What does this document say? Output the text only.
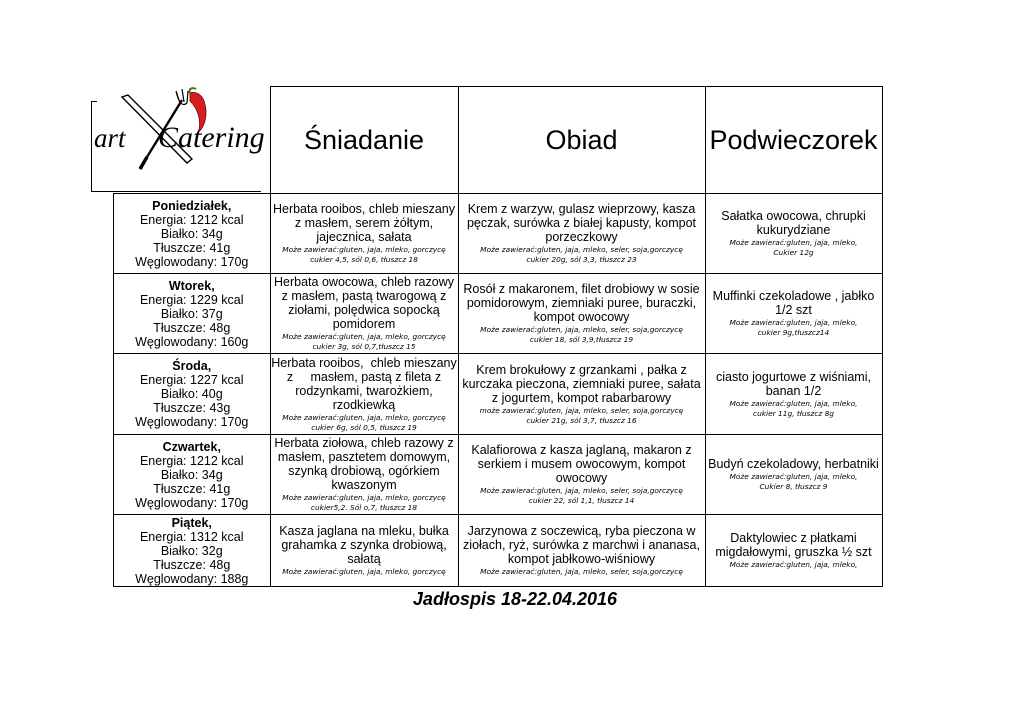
art Catering
	Śniadanie	Obiad	Podwieczorek

Poniedziałek,
Energia: 1212 kcal
Białko: 34g
Tłuszcze: 41g
Węglowodany: 170g	Herbata rooibos, chleb mieszany z masłem, serem żółtym, jajecznica, sałata
Może zawierać:gluten, jaja, mleko, gorczycę
cukier 4,5, sól 0,6, tłuszcz 18	Krem z warzyw, gulasz wieprzowy, kasza pęczak, surówka z białej kapusty, kompot porzeczkowy
Może zawierać:gluten, jaja, mleko, seler, soja,gorczycę
cukier 20g, sól 3,3, tłuszcz 23	Sałatka owocowa, chrupki kukurydziane
Może zawierać:gluten, jaja, mleko,
Cukier 12g

Wtorek,
Energia: 1229 kcal
Białko: 37g
Tłuszcze: 48g
Węglowodany: 160g	Herbata owocowa, chleb razowy z masłem, pastą twarogową z ziołami, polędwica sopocką pomidorem
Może zawierać:gluten, jaja, mleko, gorczycę
cukier 3g, sól 0,7,tłuszcz 15	Rosół z makaronem, filet drobiowy w sosie pomidorowym, ziemniaki puree, buraczki, kompot owocowy
Może zawierać:gluten, jaja, mleko, seler, soja,gorczycę
cukier 18, sól 3,9,tłuszcz 19	Muffinki czekoladowe , jabłko 1/2 szt
Może zawierać:gluten, jaja, mleko,
cukier 9g,tłuszcz14

Środa,
Energia: 1227 kcal
Białko: 40g
Tłuszcze: 43g
Węglowodany: 170g	Herbata rooibos,  chleb mieszany z     masłem, pastą z fileta z rodzynkami, twarożkiem, rzodkiewką
Może zawierać:gluten, jaja, mleko, gorczycę
cukier 6g, sól 0,5, tłuszcz 19	Krem brokułowy z grzankami , pałka z kurczaka pieczona, ziemniaki puree, sałata z jogurtem, kompot rabarbarowy
może zawierać:gluten, jaja, mleko, seler, soja,gorczycę
cukier 21g, sól 3,7, tłuszcz 16	ciasto jogurtowe z wiśniami, banan 1/2
Może zawierać:gluten, jaja, mleko,
cukier 11g, tłuszcz 8g

Czwartek,
Energia: 1212 kcal
Białko: 34g
Tłuszcze: 41g
Węglowodany: 170g	Herbata ziołowa, chleb razowy z masłem, pasztetem domowym, szynką drobiową, ogórkiem kwaszonym
Może zawierać:gluten, jaja, mleko, gorczycę
cukier5,2. Sól o,7, tłuszcz 18	Kalafiorowa z kasza jaglaną, makaron z serkiem i musem owocowym, kompot owocowy
Może zawierać:gluten, jaja, mleko, seler, soja,gorczycę
cukier 22, sól 1,1, tłuszcz 14	Budyń czekoladowy, herbatniki
Może zawierać:gluten, jaja, mleko,
Cukier 8, tłuszcz 9

Piątek,
Energia: 1312 kcal
Białko: 32g
Tłuszcze: 48g
Węglowodany: 188g	Kasza jaglana na mleku, bułka grahamka z szynka drobiową, sałatą
Może zawierać:gluten, jaja, mleko, gorczycę	Jarzynowa z soczewicą, ryba pieczona w ziołach, ryż, surówka z marchwi i ananasa, kompot jabłkowo-wiśniowy
Może zawierać:gluten, jaja, mleko, seler, soja,gorczycę	Daktylowiec z płatkami migdałowymi, gruszka ½ szt
Może zawierać:gluten, jaja, mleko,
Jadłospis 18-22.04.2016
